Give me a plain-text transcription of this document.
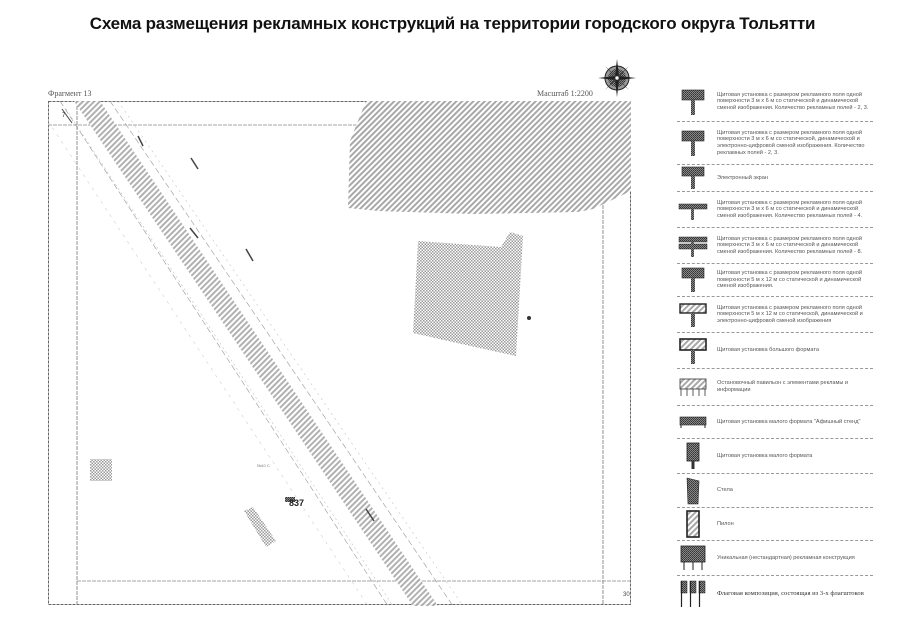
Схема размещения рекламных конструкций на территории городского округа Тольятти
Фрагмент 13	Масштаб 1:2200
7
30
837
№10 С
Щитовая установка с размером рекламного поля одной поверхности 3 м х 6 м со статической и динамической сменой изображения. Количество рекламных полей - 2, 3.
Щитовая установка с размером рекламного поля одной поверхности 3 м х 6 м со статической, динамической и электронно-цифровой сменой изображения. Количество рекламных полей - 2, 3.
Электронный экран
Щитовая установка с размером рекламного поля одной поверхности 3 м х 6 м со статической и динамической сменой изображения. Количество рекламных полей - 4.
Щитовая установка с размером рекламного поля одной поверхности 3 м х 6 м со статической и динамической сменой изображения. Количество рекламных полей - 8.
Щитовая установка с размером рекламного поля одной поверхности 5 м х 12 м со статической и динамической сменой изображения.
Щитовая установка с размером рекламного поля одной поверхности 5 м х 12 м со статической, динамической и электронно-цифровой сменой изображения
Щитовая установка большого формата
Остановочный павильон с элементами рекламы и информации
Щитовая установка малого формата "Афишный стенд"
Щитовая установка малого формата
Стела
Пилон
Уникальная (нестандартная) рекламная конструкция
Флаговая композиция, состоящая из 3-х флагштоков
